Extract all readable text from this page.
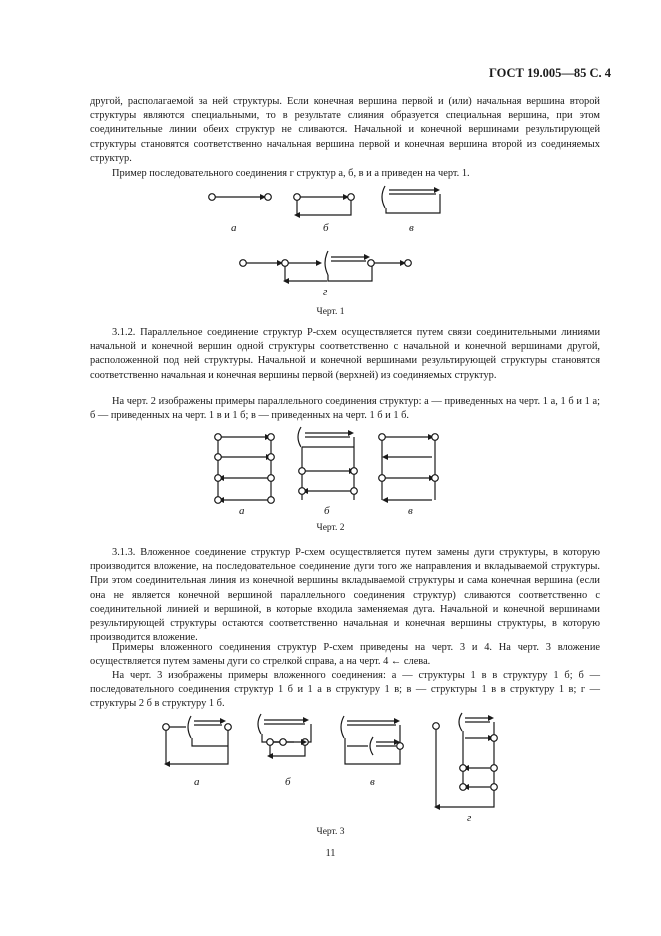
ГОСТ 19.005—85 С. 4

другой, располагаемой за ней структуры. Если конечная вершина первой и (или) начальная вершина второй структуры являются специальными, то в результате слияния образуется специальная вершина, при этом соединительные линии обеих структур не сливаются. Начальной и конечной вершинами результирующей структуры становятся соответственно начальная вершина первой и конечная вершина второй из соединяемых структур.

Пример последовательного соединения г структур а, б, в и а приведен на черт. 1.

а	б	в
г
Черт. 1

3.1.2. Параллельное соединение структур Р-схем осуществляется путем связи соединительными линиями начальной и конечной вершин одной структуры соответственно с начальной и конечной вершинами другой, расположенной под ней структуры. Начальной и конечной вершинами результирующей структуры становятся соответственно начальная и конечная вершины первой (верхней) из соединяемых структур.

На черт. 2 изображены примеры параллельного соединения структур: а — приведенных на черт. 1 а, 1 б и 1 а; б — приведенных на черт. 1 в и 1 б; в — приведенных на черт. 1 б и 1 б.

а	б	в
Черт. 2

3.1.3. Вложенное соединение структур Р-схем осуществляется путем замены дуги структуры, в которую производится вложение, на последовательное соединение дуги того же направления и вкладываемой структуры. При этом соединительная линия из конечной вершины вкладываемой структуры и сама конечная вершина (если она не является конечной вершиной параллельного соединения структур) сливаются соответственно с соединительной линией и вершиной, в которые входила заменяемая дуга. Начальной и конечной вершинами результирующей структуры остаются соответственно начальная и конечная вершины структуры, в которую производится вложение.

Примеры вложенного соединения структур Р-схем приведены на черт. 3 и 4. На черт. 3 вложение осуществляется путем замены дуги со стрелкой справа, а на черт. 4 ← слева.

На черт. 3 изображены примеры вложенного соединения: а — структуры 1 в в структуру 1 б; б — последовательного соединения структур 1 б и 1 а в структуру 1 в; в — структуры 1 в в структуру 1 в; г — структуры 2 б в структуру 1 б.

а	б	в
г
Черт. 3
11
